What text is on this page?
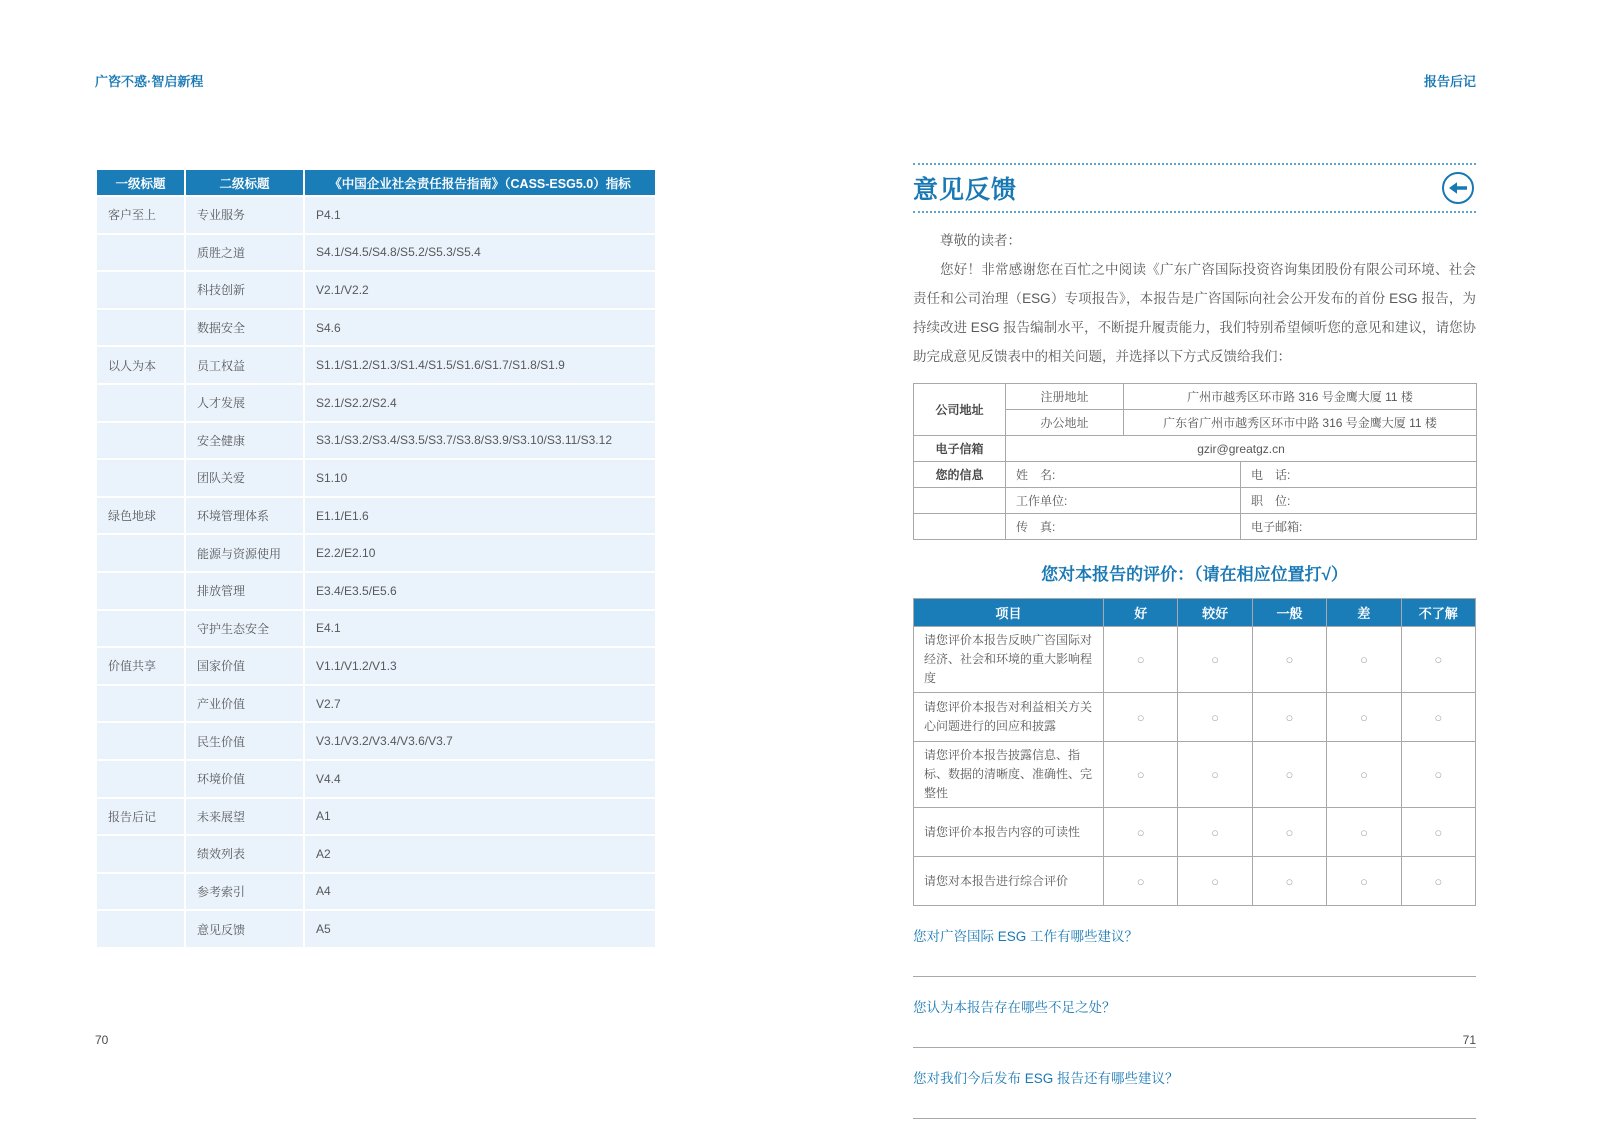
广咨不惑·智启新程
一级标题	二级标题	《中国企业社会责任报告指南》（CASS-ESG5.0）指标
客户至上	专业服务	P4.1
	质胜之道	S4.1/S4.5/S4.8/S5.2/S5.3/S5.4
	科技创新	V2.1/V2.2
	数据安全	S4.6
以人为本	员工权益	S1.1/S1.2/S1.3/S1.4/S1.5/S1.6/S1.7/S1.8/S1.9
	人才发展	S2.1/S2.2/S2.4
	安全健康	S3.1/S3.2/S3.4/S3.5/S3.7/S3.8/S3.9/S3.10/S3.11/S3.12
	团队关爱	S1.10
绿色地球	环境管理体系	E1.1/E1.6
	能源与资源使用	E2.2/E2.10
	排放管理	E3.4/E3.5/E5.6
	守护生态安全	E4.1
价值共享	国家价值	V1.1/V1.2/V1.3
	产业价值	V2.7
	民生价值	V3.1/V3.2/V3.4/V3.6/V3.7
	环境价值	V4.4
报告后记	未来展望	A1
	绩效列表	A2
	参考索引	A4
	意见反馈	A5
70
报告后记
意见反馈
尊敬的读者：
您好！非常感谢您在百忙之中阅读《广东广咨国际投资咨询集团股份有限公司环境、社会责任和公司治理（ESG）专项报告》，本报告是广咨国际向社会公开发布的首份 ESG 报告，为持续改进 ESG 报告编制水平，不断提升履责能力，我们特别希望倾听您的意见和建议，请您协助完成意见反馈表中的相关问题，并选择以下方式反馈给我们：
公司地址	注册地址	广州市越秀区环市路 316 号金鹰大厦 11 楼	
	办公地址	广东省广州市越秀区环市中路 316 号金鹰大厦 11 楼	
电子信箱	gzir@greatgz.cn		
您的信息	姓　名:		电　话:
	工作单位:		职　位:
	传　真:		电子邮箱:
您对本报告的评价：（请在相应位置打√）
项目	好	较好	一般	差	不了解
请您评价本报告反映广咨国际对经济、社会和环境的重大影响程度	○	○	○	○	○
请您评价本报告对利益相关方关心问题进行的回应和披露	○	○	○	○	○
请您评价本报告披露信息、指标、数据的清晰度、准确性、完整性	○	○	○	○	○
请您评价本报告内容的可读性	○	○	○	○	○
请您对本报告进行综合评价	○	○	○	○	○
您对广咨国际 ESG 工作有哪些建议？
您认为本报告存在哪些不足之处？
您对我们今后发布 ESG 报告还有哪些建议？
71
